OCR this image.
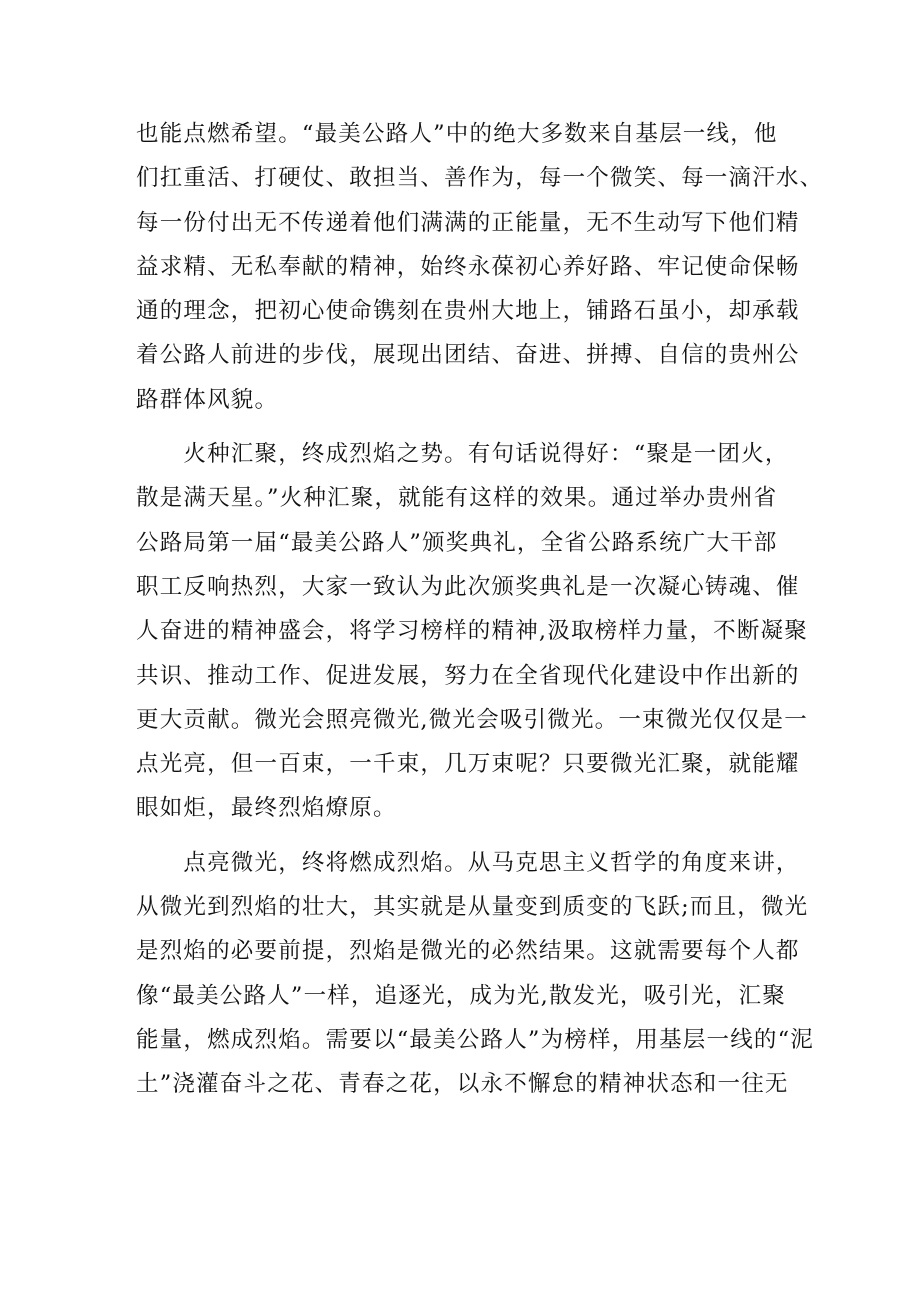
也能点燃希望。“最美公路人”中的绝大多数来自基层一线，他
们扛重活、打硬仗、敢担当、善作为，每一个微笑、每一滴汗水、
每一份付出无不传递着他们满满的正能量，无不生动写下他们精
益求精、无私奉献的精神，始终永葆初心养好路、牢记使命保畅
通的理念，把初心使命镌刻在贵州大地上，铺路石虽小，却承载
着公路人前进的步伐，展现出团结、奋进、拼搏、自信的贵州公
路群体风貌。
　　火种汇聚，终成烈焰之势。有句话说得好：“聚是一团火，
散是满天星。”火种汇聚，就能有这样的效果。通过举办贵州省
公路局第一届“最美公路人”颁奖典礼，全省公路系统广大干部
职工反响热烈，大家一致认为此次颁奖典礼是一次凝心铸魂、催
人奋进的精神盛会，将学习榜样的精神,汲取榜样力量，不断凝聚
共识、推动工作、促进发展，努力在全省现代化建设中作出新的
更大贡献。微光会照亮微光,微光会吸引微光。一束微光仅仅是一
点光亮，但一百束，一千束，几万束呢？只要微光汇聚，就能耀
眼如炬，最终烈焰燎原。
　　点亮微光，终将燃成烈焰。从马克思主义哲学的角度来讲，
从微光到烈焰的壮大，其实就是从量变到质变的飞跃;而且，微光
是烈焰的必要前提，烈焰是微光的必然结果。这就需要每个人都
像“最美公路人”一样，追逐光，成为光,散发光，吸引光，汇聚
能量，燃成烈焰。需要以“最美公路人”为榜样，用基层一线的“泥
土”浇灌奋斗之花、青春之花，以永不懈怠的精神状态和一往无
